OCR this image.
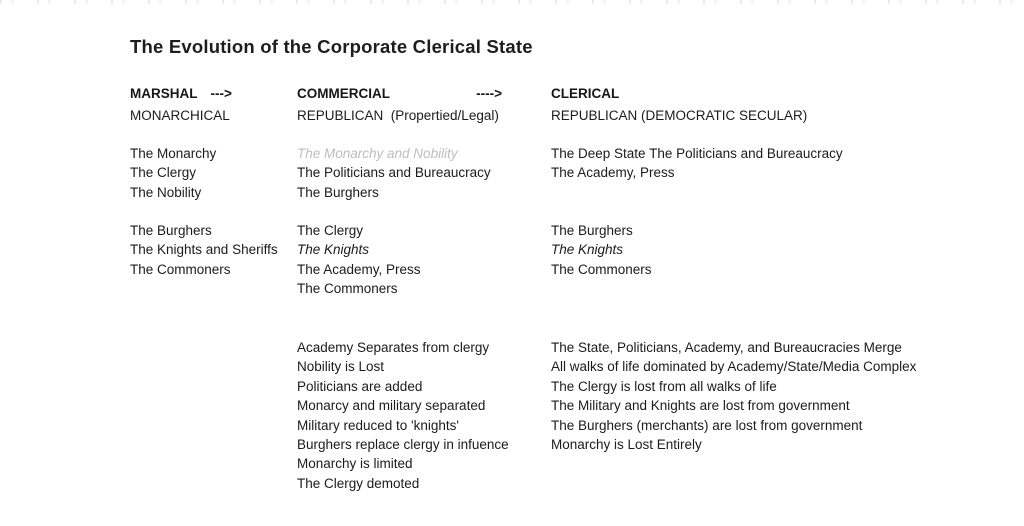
The Evolution of the Corporate Clerical State
MARSHAL --->
MONARCHICAL
The Monarchy
The Clergy
The Nobility
The Burghers
The Knights and Sheriffs
The Commoners
COMMERCIAL	---->
REPUBLICAN  (Propertied/Legal)
The Monarchy and Nobility
The Politicians and Bureaucracy
The Burghers
The Clergy
The Knights
The Academy, Press
The Commoners
Academy Separates from clergy
Nobility is Lost
Politicians are added
Monarcy and military separated
Military reduced to 'knights'
Burghers replace clergy in infuence
Monarchy is limited
The Clergy demoted
CLERICAL
REPUBLICAN (DEMOCRATIC SECULAR)
The Deep State The Politicians and Bureaucracy
The Academy, Press
The Burghers
The Knights
The Commoners
The State, Politicians, Academy, and Bureaucracies Merge
All walks of life dominated by Academy/State/Media Complex
The Clergy is lost from all walks of life
The Military and Knights are lost from government
The Burghers (merchants) are lost from government
Monarchy is Lost Entirely
